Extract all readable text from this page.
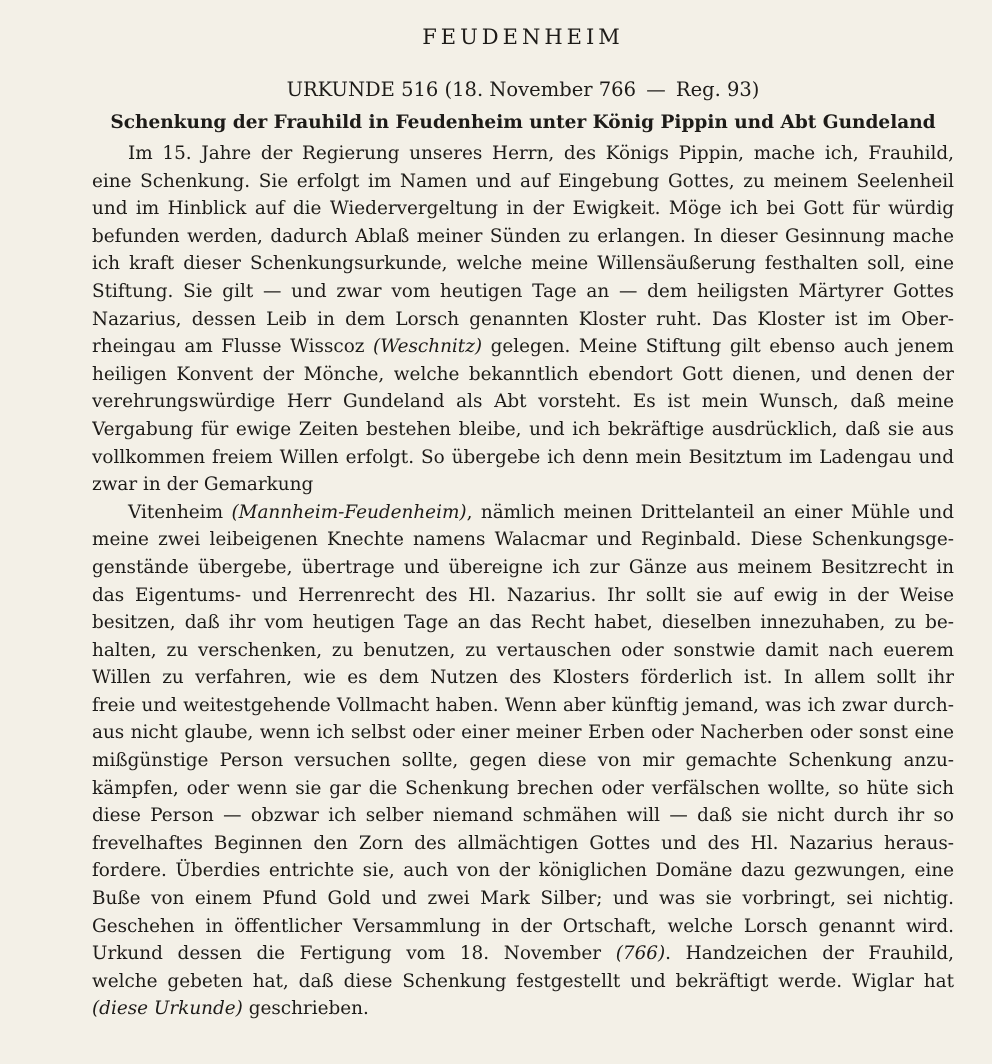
FEUDENHEIM
URKUNDE 516 (18. November 766 — Reg. 93)
Schenkung der Frauhild in Feudenheim unter König Pippin und Abt Gundeland
Im 15. Jahre der Regierung unseres Herrn, des Königs Pippin, mache ich, Frauhild,
eine Schenkung. Sie erfolgt im Namen und auf Eingebung Gottes, zu meinem Seelenheil
und im Hinblick auf die Wiedervergeltung in der Ewigkeit. Möge ich bei Gott für würdig
befunden werden, dadurch Ablaß meiner Sünden zu erlangen. In dieser Gesinnung mache
ich kraft dieser Schenkungsurkunde, welche meine Willensäußerung festhalten soll, eine
Stiftung. Sie gilt — und zwar vom heutigen Tage an — dem heiligsten Märtyrer Gottes
Nazarius, dessen Leib in dem Lorsch genannten Kloster ruht. Das Kloster ist im Ober-
rheingau am Flusse Wisscoz (Weschnitz) gelegen. Meine Stiftung gilt ebenso auch jenem
heiligen Konvent der Mönche, welche bekanntlich ebendort Gott dienen, und denen der
verehrungswürdige Herr Gundeland als Abt vorsteht. Es ist mein Wunsch, daß meine
Vergabung für ewige Zeiten bestehen bleibe, und ich bekräftige ausdrücklich, daß sie aus
vollkommen freiem Willen erfolgt. So übergebe ich denn mein Besitztum im Ladengau und
zwar in der Gemarkung
Vitenheim (Mannheim-Feudenheim), nämlich meinen Drittelanteil an einer Mühle und
meine zwei leibeigenen Knechte namens Walacmar und Reginbald. Diese Schenkungsge-
genstände übergebe, übertrage und übereigne ich zur Gänze aus meinem Besitzrecht in
das Eigentums- und Herrenrecht des Hl. Nazarius. Ihr sollt sie auf ewig in der Weise
besitzen, daß ihr vom heutigen Tage an das Recht habet, dieselben innezuhaben, zu be-
halten, zu verschenken, zu benutzen, zu vertauschen oder sonstwie damit nach euerem
Willen zu verfahren, wie es dem Nutzen des Klosters förderlich ist. In allem sollt ihr
freie und weitestgehende Vollmacht haben. Wenn aber künftig jemand, was ich zwar durch-
aus nicht glaube, wenn ich selbst oder einer meiner Erben oder Nacherben oder sonst eine
mißgünstige Person versuchen sollte, gegen diese von mir gemachte Schenkung anzu-
kämpfen, oder wenn sie gar die Schenkung brechen oder verfälschen wollte, so hüte sich
diese Person — obzwar ich selber niemand schmähen will — daß sie nicht durch ihr so
frevelhaftes Beginnen den Zorn des allmächtigen Gottes und des Hl. Nazarius heraus-
fordere. Überdies entrichte sie, auch von der königlichen Domäne dazu gezwungen, eine
Buße von einem Pfund Gold und zwei Mark Silber; und was sie vorbringt, sei nichtig.
Geschehen in öffentlicher Versammlung in der Ortschaft, welche Lorsch genannt wird.
Urkund dessen die Fertigung vom 18. November (766). Handzeichen der Frauhild,
welche gebeten hat, daß diese Schenkung festgestellt und bekräftigt werde. Wiglar hat
(diese Urkunde) geschrieben.
